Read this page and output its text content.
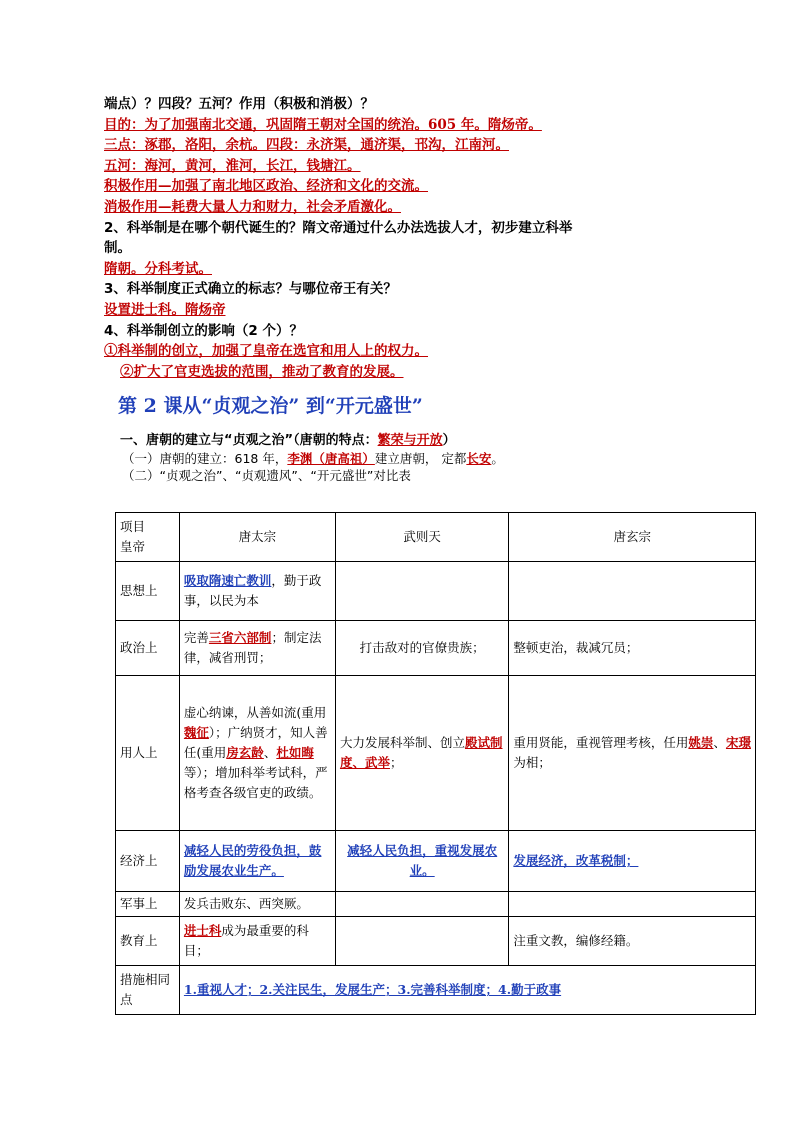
端点）？四段？五河？作用（积极和消极）？
目的：为了加强南北交通，巩固隋王朝对全国的统治。605 年。隋炀帝。
三点：涿郡，洛阳，余杭。四段：永济渠，通济渠，邗沟，江南河。
五河：海河，黄河，淮河，长江，钱塘江。
积极作用—加强了南北地区政治、经济和文化的交流。
消极作用—耗费大量人力和财力，社会矛盾激化。
2、科举制是在哪个朝代诞生的？隋文帝通过什么办法选拔人才，初步建立科举
制。
隋朝。分科考试。
3、科举制度正式确立的标志？与哪位帝王有关？
设置进士科。隋炀帝
4、科举制创立的影响（2 个）？
①科举制的创立，加强了皇帝在选官和用人上的权力。
②扩大了官吏选拔的范围，推动了教育的发展。
第 2 课从“贞观之治” 到“开元盛世”
一、唐朝的建立与“贞观之治”（唐朝的特点：繁荣与开放）
（一）唐朝的建立：618 年，李渊（唐高祖）建立唐朝， 定都长安。
（二）“贞观之治”、“贞观遗风”、“开元盛世”对比表
项目
皇帝	唐太宗	武则天	唐玄宗
思想上	吸取隋速亡教训，勤于政事，以民为本		
政治上	完善三省六部制；制定法律，减省刑罚；	打击敌对的官僚贵族；	整顿吏治，裁减冗员；
用人上	虚心纳谏，从善如流(重用魏征）；广纳贤才，知人善任(重用房玄龄、杜如晦等）；增加科举考试科，严格考查各级官吏的政绩。	大力发展科举制、创立殿试制度、武举；	重用贤能，重视管理考核，任用姚崇、宋璟为相；
经济上	减轻人民的劳役负担，鼓励发展农业生产。	减轻人民负担，重视发展农业。	发展经济，改革税制；
军事上	发兵击败东、西突厥。		
教育上	进士科成为最重要的科目；		注重文教，编修经籍。
措施相同点	1.重视人才；2.关注民生，发展生产；3.完善科举制度；4.勤于政事		
